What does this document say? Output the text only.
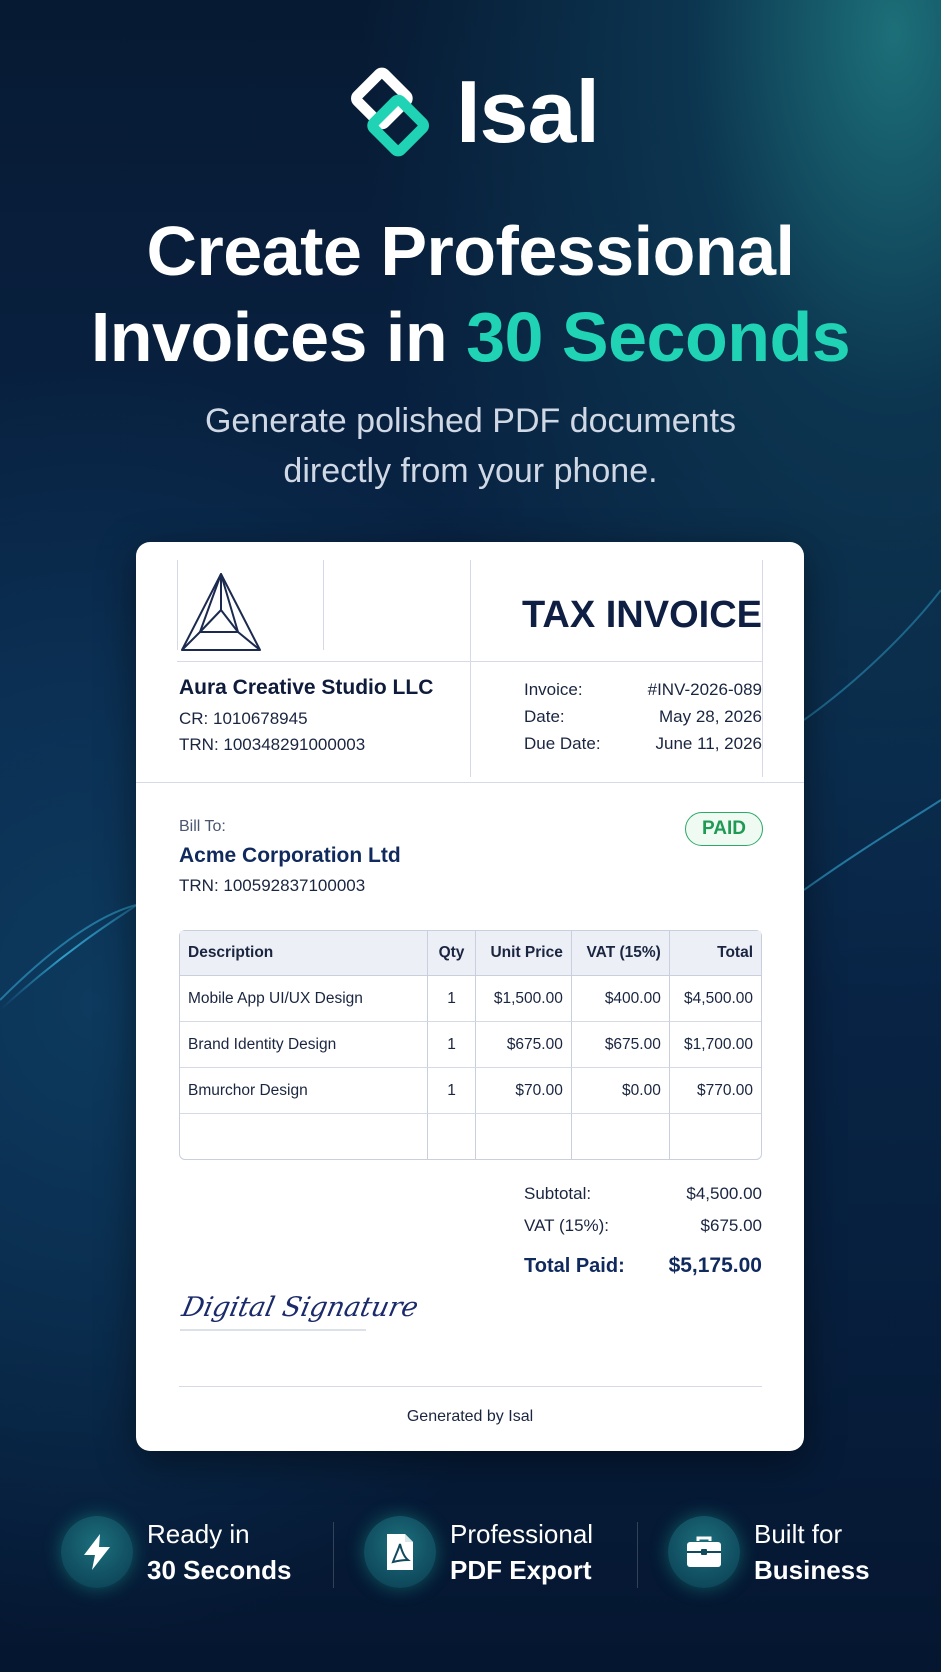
Isal
Create Professional
Invoices in 30 Seconds
Generate polished PDF documents
directly from your phone.
TAX INVOICE
Aura Creative Studio LLC
CR: 1010678945
TRN: 100348291000003
Invoice:	#INV-2026-089
Date:	May 28, 2026
Due Date:	June 11, 2026
Bill To:
Acme Corporation Ltd
TRN: 100592837100003
PAID
Description	Qty	Unit Price	VAT (15%)	Total
Mobile App UI/UX Design	1	$1,500.00	$400.00	$4,500.00
Brand Identity Design	1	$675.00	$675.00	$1,700.00
Bmurchor Design	1	$70.00	$0.00	$770.00

Subtotal:	$4,500.00
VAT (15%):	$675.00
Total Paid: $5,175.00
Digital Signature
Generated by Isal
Ready in
30 Seconds
Professional
PDF Export
Built for
Business
